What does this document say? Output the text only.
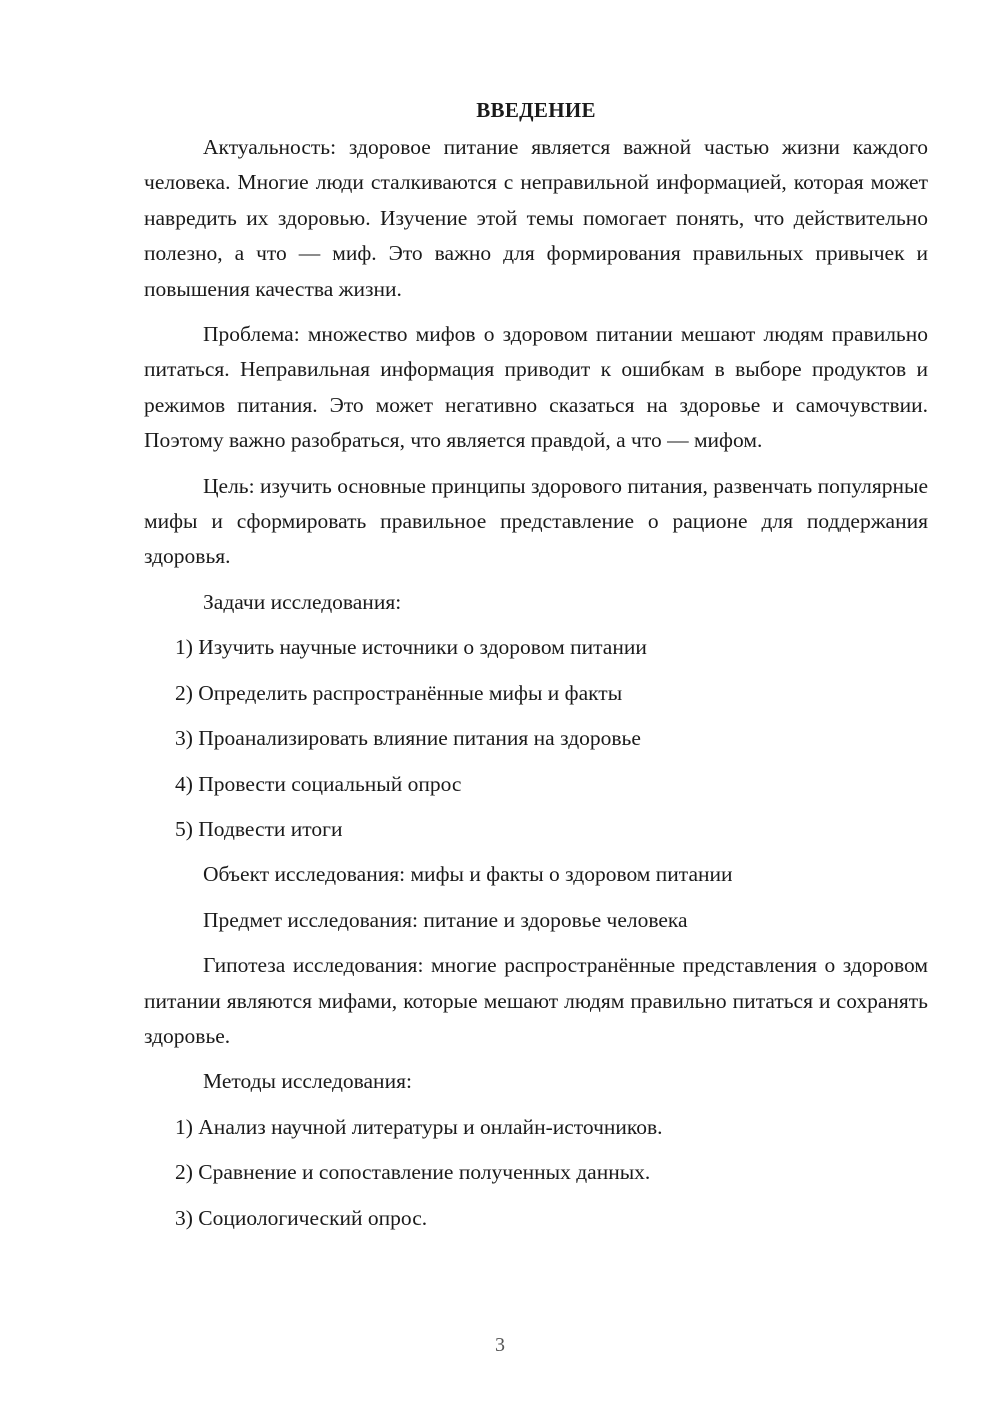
ВВЕДЕНИЕ

Актуальность: здоровое питание является важной частью жизни каждого человека. Многие люди сталкиваются с неправильной информацией, которая может навредить их здоровью. Изучение этой темы помогает понять, что действительно полезно, а что — миф. Это важно для формирования правильных привычек и повышения качества жизни.

Проблема: множество мифов о здоровом питании мешают людям правильно питаться. Неправильная информация приводит к ошибкам в выборе продуктов и режимов питания. Это может негативно сказаться на здоровье и самочувствии. Поэтому важно разобраться, что является правдой, а что — мифом.

Цель: изучить основные принципы здорового питания, развенчать популярные мифы и сформировать правильное представление о рационе для поддержания здоровья.

Задачи исследования:
1) Изучить научные источники о здоровом питании
2) Определить распространённые мифы и факты
3) Проанализировать влияние питания на здоровье
4) Провести социальный опрос
5) Подвести итоги
Объект исследования: мифы и факты о здоровом питании
Предмет исследования: питание и здоровье человека

Гипотеза исследования: многие распространённые представления о здоровом питании являются мифами, которые мешают людям правильно питаться и сохранять здоровье.

Методы исследования:
1) Анализ научной литературы и онлайн-источников.
2) Сравнение и сопоставление полученных данных.
3) Социологический опрос.
3
